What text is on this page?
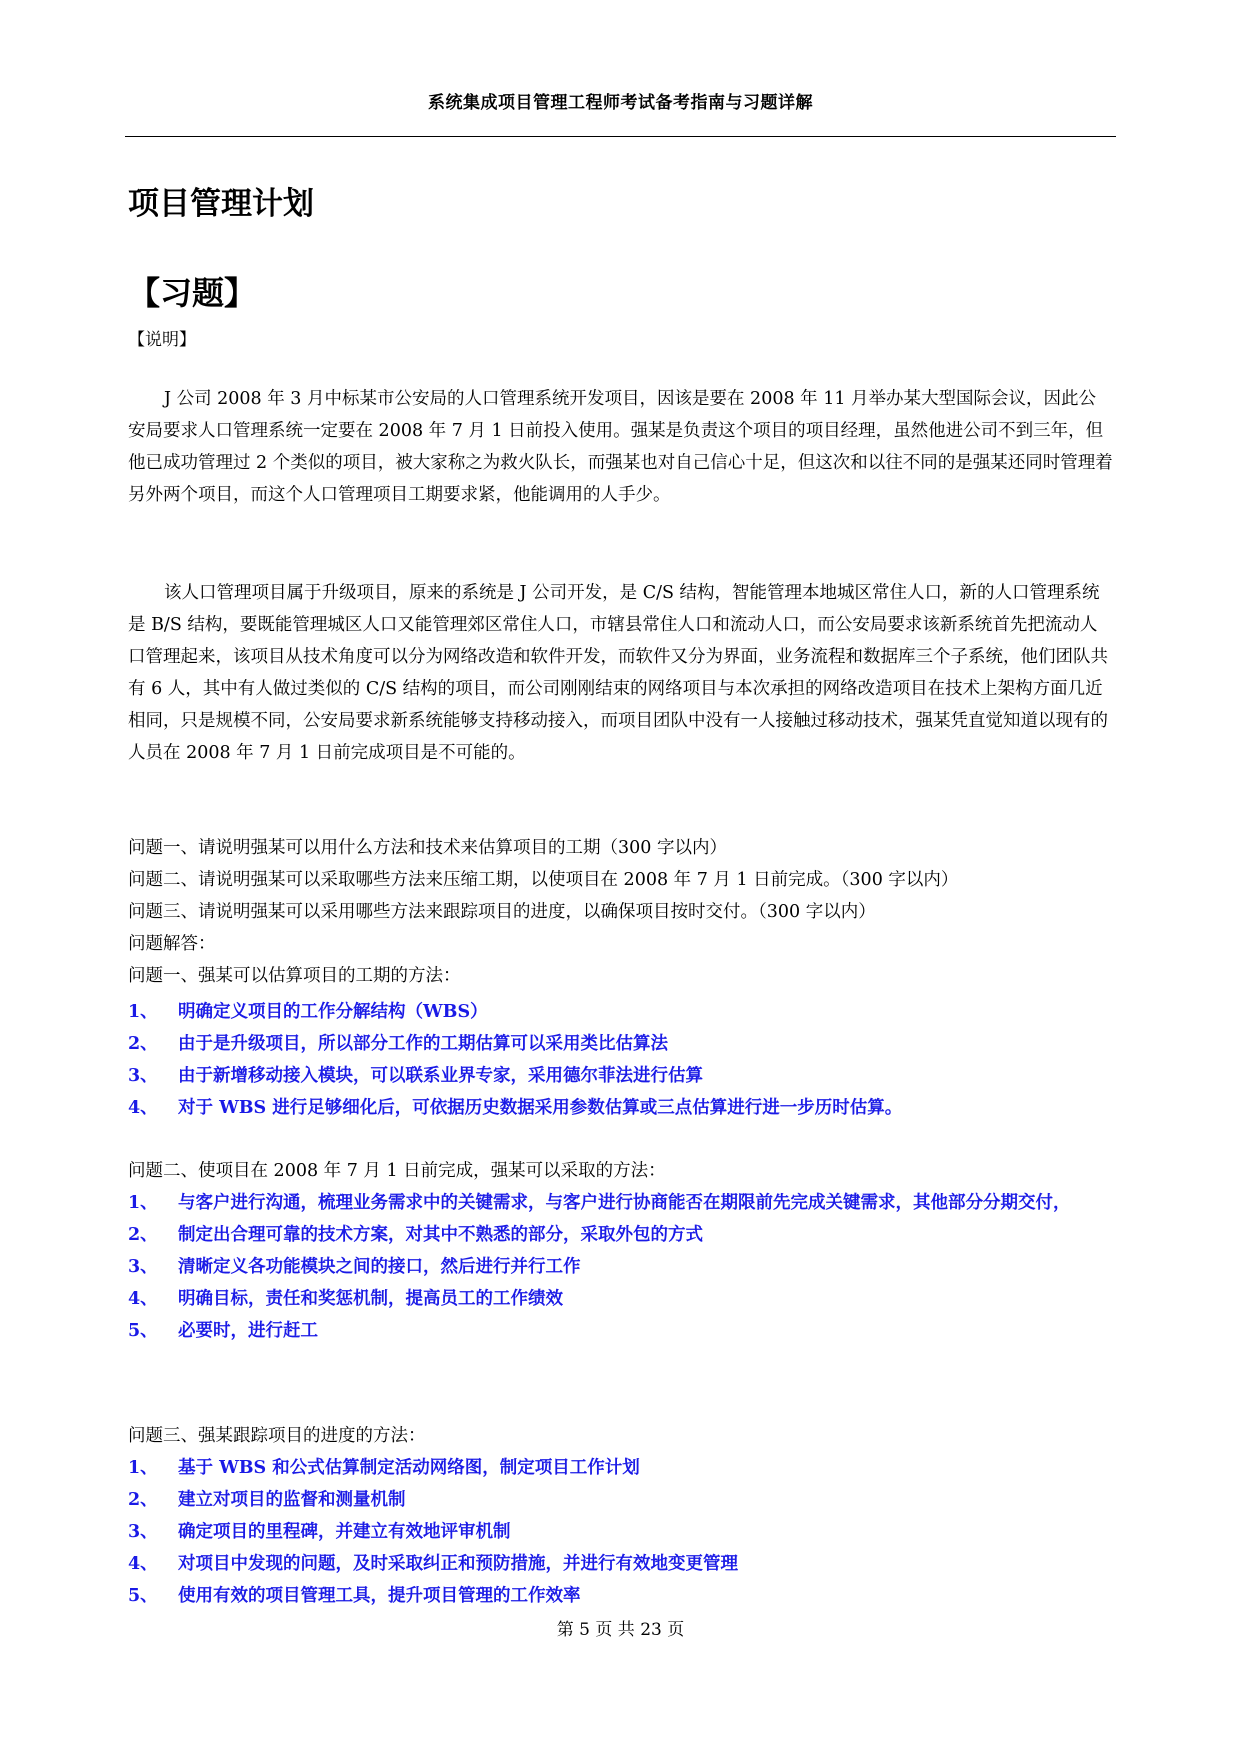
系统集成项目管理工程师考试备考指南与习题详解
项目管理计划
【习题】
【说明】
J 公司 2008 年 3 月中标某市公安局的人口管理系统开发项目，因该是要在 2008 年 11 月举办某大型国际会议，因此公安局要求人口管理系统一定要在 2008 年 7 月 1 日前投入使用。强某是负责这个项目的项目经理，虽然他进公司不到三年，但他已成功管理过 2 个类似的项目，被大家称之为救火队长，而强某也对自己信心十足，但这次和以往不同的是强某还同时管理着另外两个项目，而这个人口管理项目工期要求紧，他能调用的人手少。
该人口管理项目属于升级项目，原来的系统是 J 公司开发，是 C/S 结构，智能管理本地城区常住人口，新的人口管理系统是 B/S 结构，要既能管理城区人口又能管理郊区常住人口，市辖县常住人口和流动人口，而公安局要求该新系统首先把流动人口管理起来，该项目从技术角度可以分为网络改造和软件开发，而软件又分为界面，业务流程和数据库三个子系统，他们团队共有 6 人，其中有人做过类似的 C/S 结构的项目，而公司刚刚结束的网络项目与本次承担的网络改造项目在技术上架构方面几近相同，只是规模不同，公安局要求新系统能够支持移动接入，而项目团队中没有一人接触过移动技术，强某凭直觉知道以现有的人员在 2008 年 7 月 1 日前完成项目是不可能的。
问题一、请说明强某可以用什么方法和技术来估算项目的工期（300 字以内）
问题二、请说明强某可以采取哪些方法来压缩工期，以使项目在 2008 年 7 月 1 日前完成。（300 字以内）
问题三、请说明强某可以采用哪些方法来跟踪项目的进度，以确保项目按时交付。（300 字以内）
问题解答：
问题一、强某可以估算项目的工期的方法：
1、 明确定义项目的工作分解结构（WBS）
2、 由于是升级项目，所以部分工作的工期估算可以采用类比估算法
3、 由于新增移动接入模块，可以联系业界专家，采用德尔菲法进行估算
4、 对于 WBS 进行足够细化后，可依据历史数据采用参数估算或三点估算进行进一步历时估算。
问题二、使项目在 2008 年 7 月 1 日前完成，强某可以采取的方法：
1、 与客户进行沟通，梳理业务需求中的关键需求，与客户进行协商能否在期限前先完成关键需求，其他部分分期交付，
2、 制定出合理可靠的技术方案，对其中不熟悉的部分，采取外包的方式
3、 清晰定义各功能模块之间的接口，然后进行并行工作
4、 明确目标，责任和奖惩机制，提高员工的工作绩效
5、 必要时，进行赶工
问题三、强某跟踪项目的进度的方法：
1、 基于 WBS 和公式估算制定活动网络图，制定项目工作计划
2、 建立对项目的监督和测量机制
3、 确定项目的里程碑，并建立有效地评审机制
4、 对项目中发现的问题，及时采取纠正和预防措施，并进行有效地变更管理
5、 使用有效的项目管理工具，提升项目管理的工作效率
第 5 页 共 23 页
